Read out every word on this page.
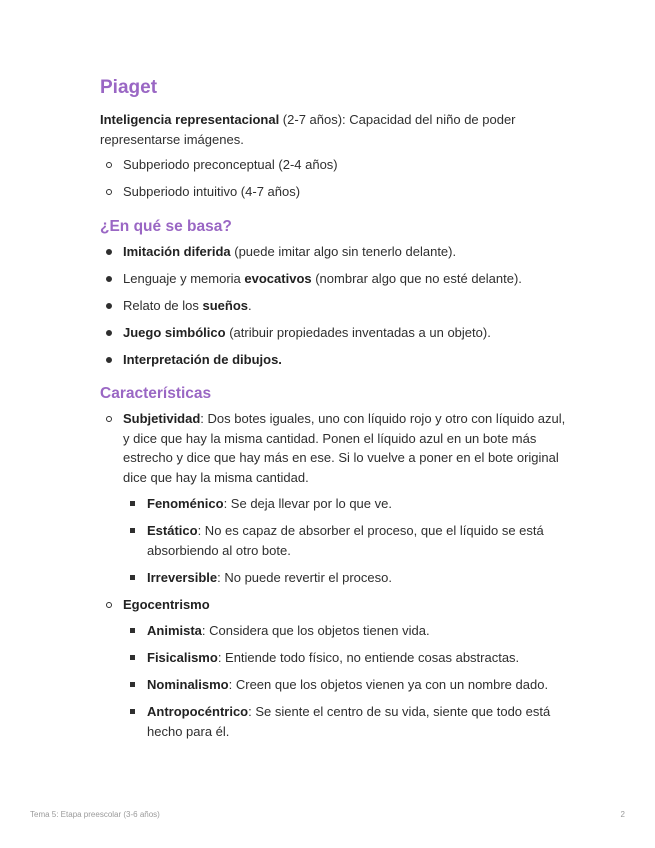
Piaget

Inteligencia representacional (2-7 años): Capacidad del niño de poder representarse imágenes.

Subperiodo preconceptual (2-4 años)
Subperiodo intuitivo (4-7 años)
¿En qué se basa?
Imitación diferida (puede imitar algo sin tenerlo delante).
Lenguaje y memoria evocativos (nombrar algo que no esté delante).
Relato de los sueños.
Juego simbólico (atribuir propiedades inventadas a un objeto).
Interpretación de dibujos.
Características
Subjetividad: Dos botes iguales, uno con líquido rojo y otro con líquido azul, y dice que hay la misma cantidad. Ponen el líquido azul en un bote más estrecho y dice que hay más en ese. Si lo vuelve a poner en el bote original dice que hay la misma cantidad.
Fenoménico: Se deja llevar por lo que ve.
Estático: No es capaz de absorber el proceso, que el líquido se está absorbiendo al otro bote.
Irreversible: No puede revertir el proceso.
Egocentrismo
Animista: Considera que los objetos tienen vida.
Fisicalismo: Entiende todo físico, no entiende cosas abstractas.
Nominalismo: Creen que los objetos vienen ya con un nombre dado.
Antropocéntrico: Se siente el centro de su vida, siente que todo está hecho para él.
Tema 5: Etapa preescolar (3-6 años)	2
